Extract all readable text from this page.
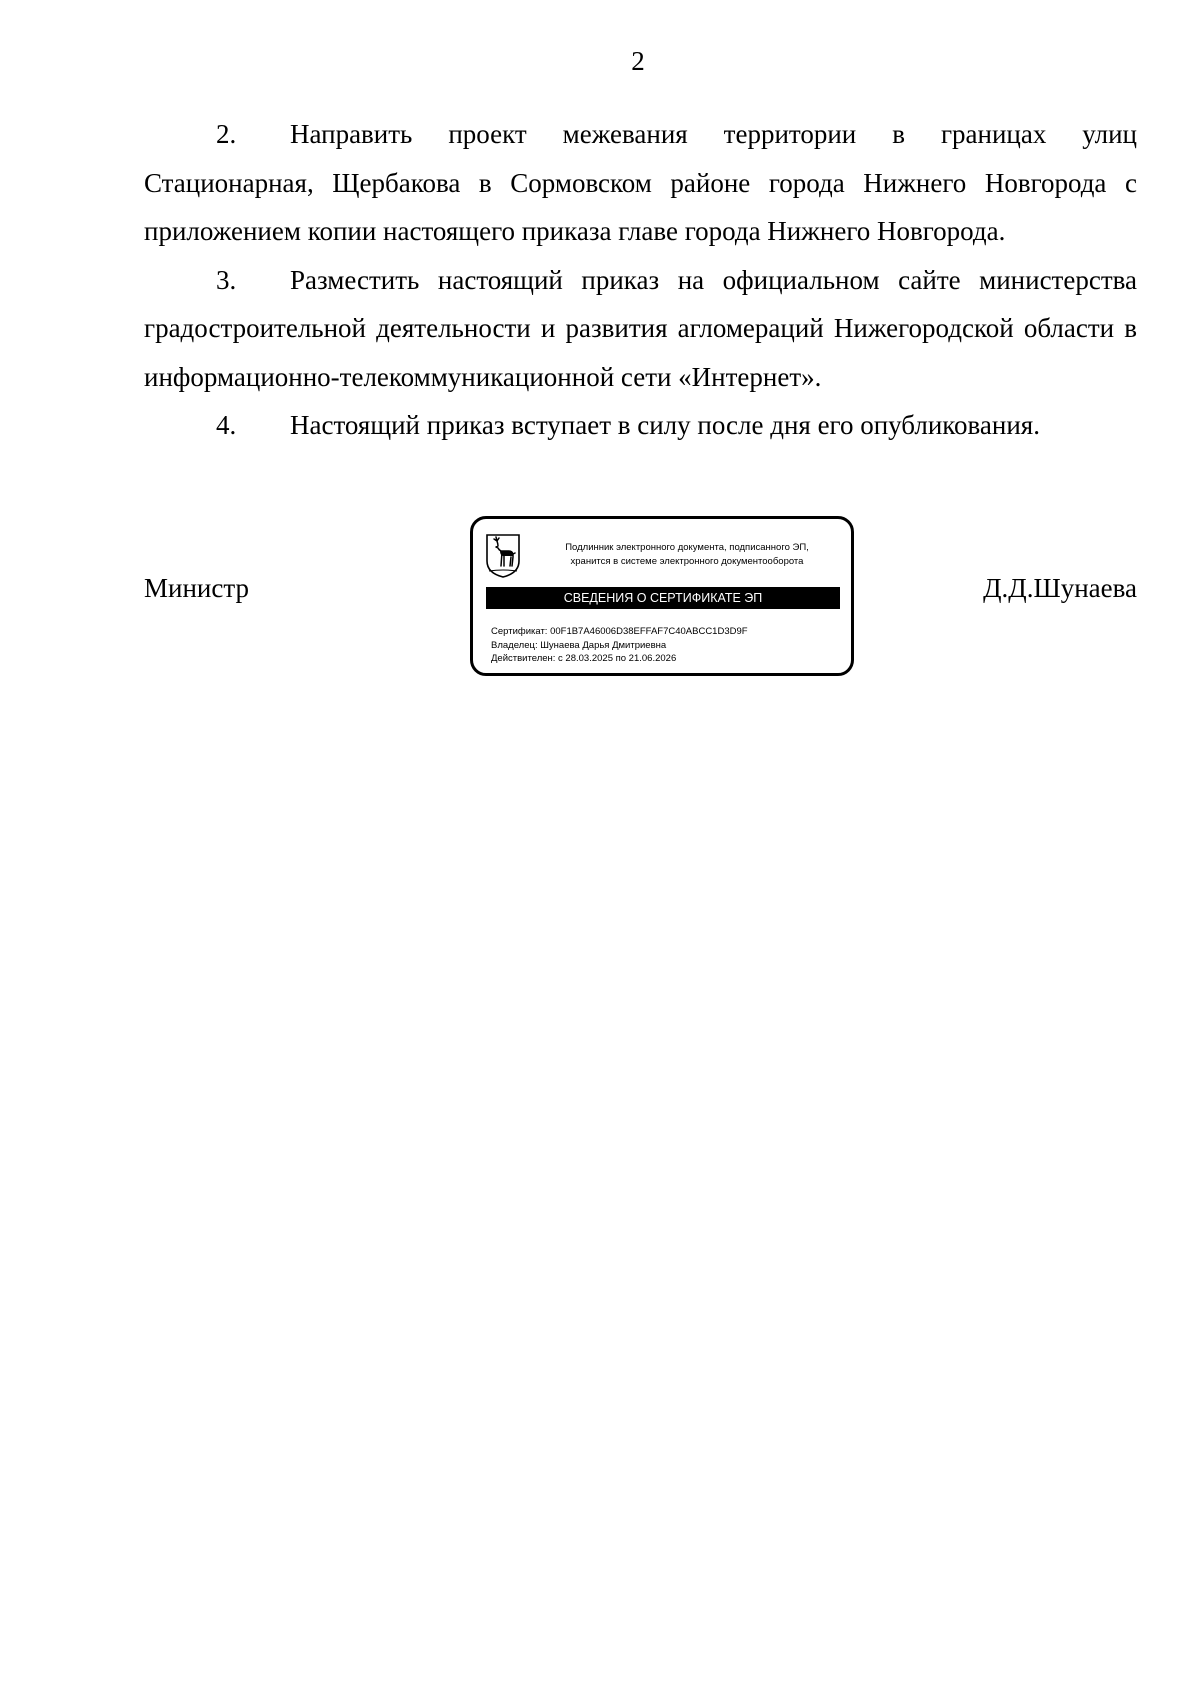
2

2. Направить проект межевания территории в границах улиц Стационарная, Щербакова в Сормовском районе города Нижнего Новгорода с приложением копии настоящего приказа главе города Нижнего Новгорода.

3. Разместить настоящий приказ на официальном сайте министерства градостроительной деятельности и развития агломераций Нижегородской области в информационно-телекоммуникационной сети «Интернет».

4. Настоящий приказ вступает в силу после дня его опубликования.

Министр	Д.Д.Шунаева
Подлинник электронного документа, подписанного ЭП,
хранится в системе электронного документооборота
СВЕДЕНИЯ О СЕРТИФИКАТЕ ЭП
Сертификат: 00F1B7A46006D38EFFAF7C40ABCC1D3D9F
Владелец: Шунаева Дарья Дмитриевна
Действителен: с 28.03.2025 по 21.06.2026
